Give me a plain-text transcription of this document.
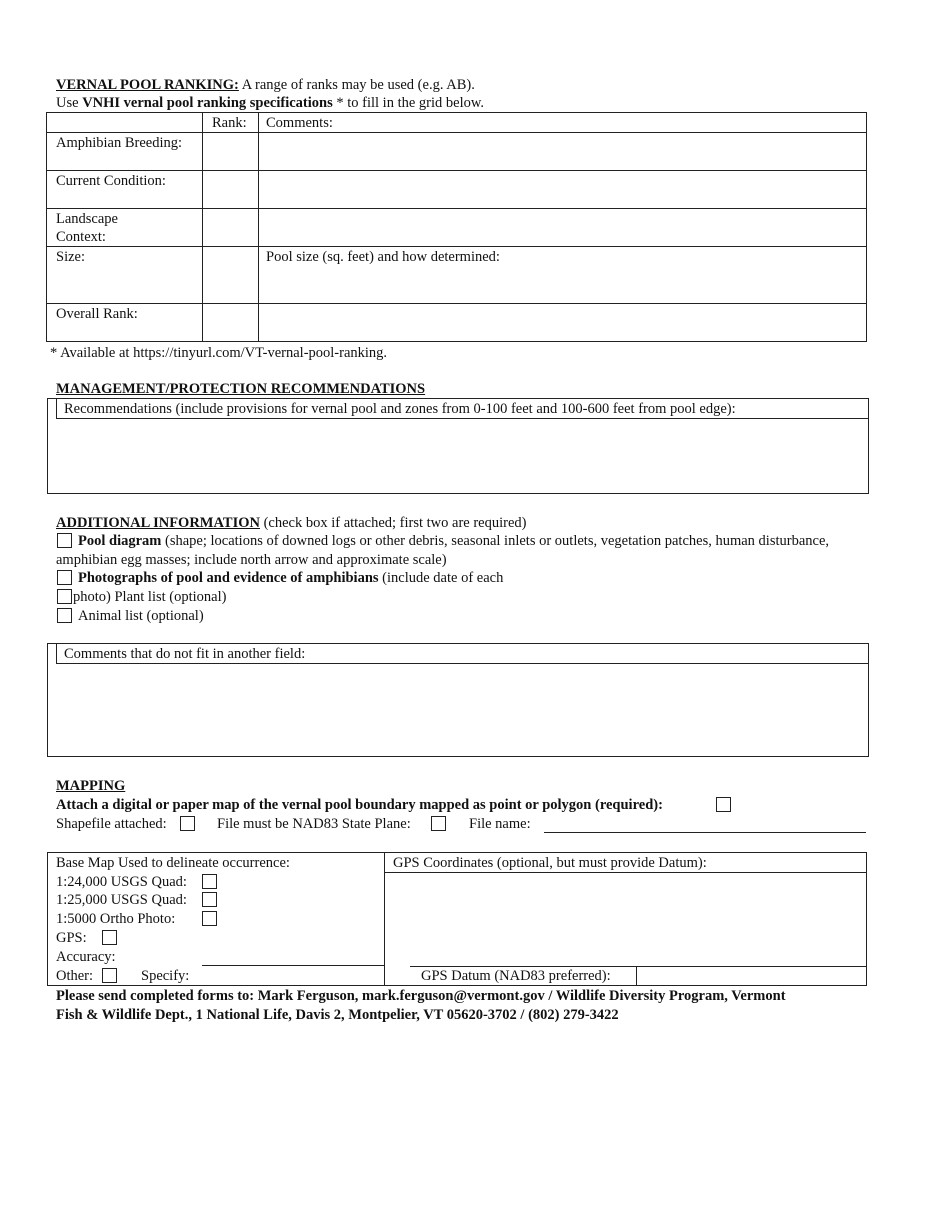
VERNAL POOL RANKING: A range of ranks may be used (e.g. AB).
Use VNHI vernal pool ranking specifications * to fill in the grid below.
Rank: Comments:
Amphibian Breeding:
Current Condition:
Landscape
Context:
Size:	Pool size (sq. feet) and how determined:
Overall Rank:
* Available at https://tinyurl.com/VT-vernal-pool-ranking.
MANAGEMENT/PROTECTION RECOMMENDATIONS
Recommendations (include provisions for vernal pool and zones from 0-100 feet and 100-600 feet from pool edge):
ADDITIONAL INFORMATION (check box if attached; first two are required)
Pool diagram (shape; locations of downed logs or other debris, seasonal inlets or outlets, vegetation patches, human disturbance,
amphibian egg masses; include north arrow and approximate scale)
Photographs of pool and evidence of amphibians (include date of each
photo) Plant list (optional)
Animal list (optional)
Comments that do not fit in another field:
MAPPING
Attach a digital or paper map of the vernal pool boundary mapped as point or polygon (required):
Shapefile attached:	File must be NAD83 State Plane:	File name:
Base Map Used to delineate occurrence:
1:24,000 USGS Quad:
1:25,000 USGS Quad:
1:5000 Ortho Photo:
GPS:
Accuracy:
Other:	Specify:
GPS Coordinates (optional, but must provide Datum):
GPS Datum (NAD83 preferred):
Please send completed forms to: Mark Ferguson, mark.ferguson@vermont.gov / Wildlife Diversity Program, Vermont
Fish & Wildlife Dept., 1 National Life, Davis 2, Montpelier, VT 05620-3702 / (802) 279-3422
